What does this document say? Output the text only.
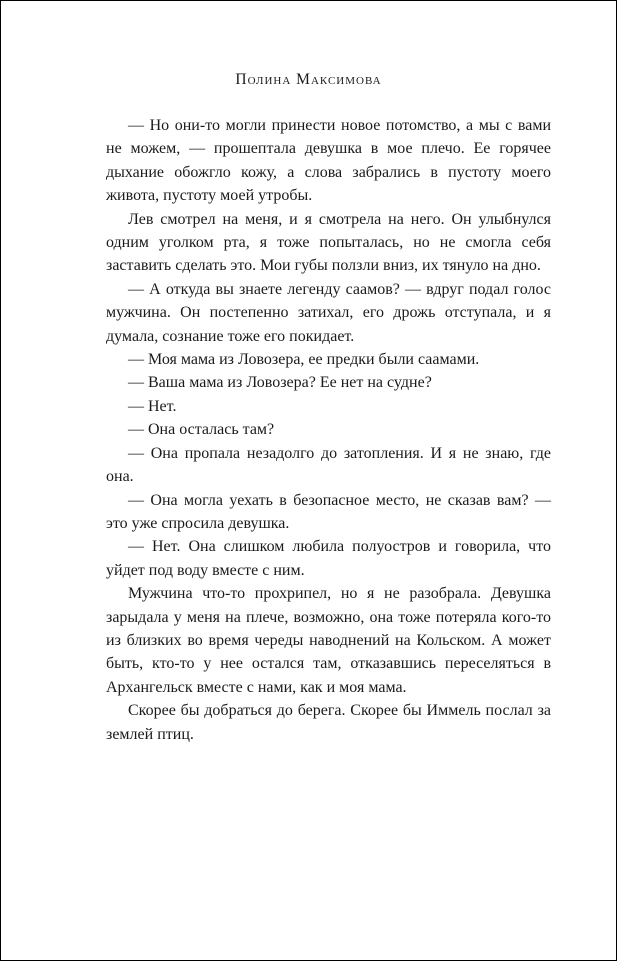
Полина Максимова

— Но они-то могли принести новое потомство, а мы с вами не можем, — прошептала девушка в мое плечо. Ее горячее дыхание обожгло кожу, а слова забрались в пустоту моего живота, пустоту моей утробы.

Лев смотрел на меня, и я смотрела на него. Он улыбнулся одним уголком рта, я тоже попыталась, но не смогла себя заставить сделать это. Мои губы ползли вниз, их тянуло на дно.

— А откуда вы знаете легенду саамов? — вдруг подал голос мужчина. Он постепенно затихал, его дрожь отступала, и я думала, сознание тоже его покидает.

— Моя мама из Ловозера, ее предки были саамами.

— Ваша мама из Ловозера? Ее нет на судне?

— Нет.

— Она осталась там?

— Она пропала незадолго до затопления. И я не знаю, где она.

— Она могла уехать в безопасное место, не сказав вам? — это уже спросила девушка.

— Нет. Она слишком любила полуостров и говорила, что уйдет под воду вместе с ним.

Мужчина что-то прохрипел, но я не разобрала. Девушка зарыдала у меня на плече, возможно, она тоже потеряла кого-то из близких во время череды наводнений на Кольском. А может быть, кто-то у нее остался там, отказавшись переселяться в Архангельск вместе с нами, как и моя мама.

Скорее бы добраться до берега. Скорее бы Иммель послал за землей птиц.
